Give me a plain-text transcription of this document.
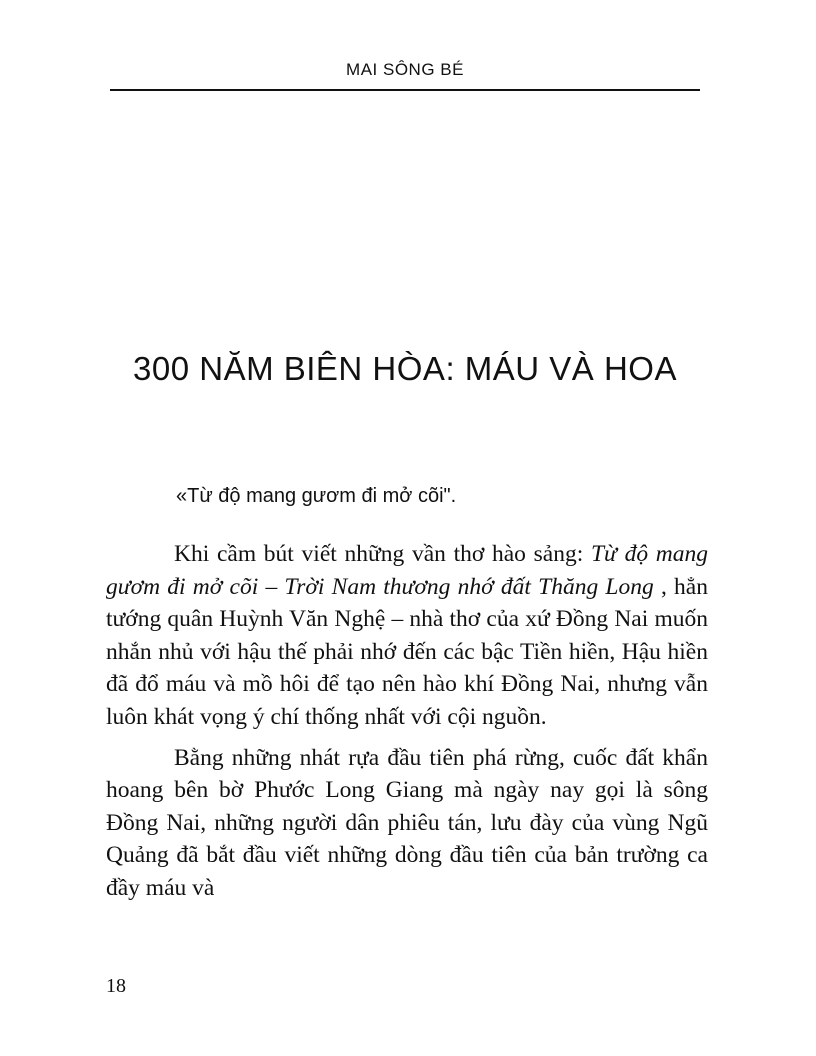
MAI SÔNG BÉ
300 NĂM BIÊN HÒA: MÁU VÀ HOA
«Từ độ mang gươm đi mở cõi".

Khi cầm bút viết những vần thơ hào sảng: Từ độ mang gươm đi mở cõi – Trời Nam thương nhớ đất Thăng Long , hẳn tướng quân Huỳnh Văn Nghệ – nhà thơ của xứ Đồng Nai muốn nhắn nhủ với hậu thế phải nhớ đến các bậc Tiền hiền, Hậu hiền đã đổ máu và mồ hôi để tạo nên hào khí Đồng Nai, nhưng vẫn luôn khát vọng ý chí thống nhất với cội nguồn.

Bằng những nhát rựa đầu tiên phá rừng, cuốc đất khẩn hoang bên bờ Phước Long Giang mà ngày nay gọi là sông Đồng Nai, những người dân phiêu tán, lưu đày của vùng Ngũ Quảng đã bắt đầu viết những dòng đầu tiên của bản trường ca đầy máu và

18
